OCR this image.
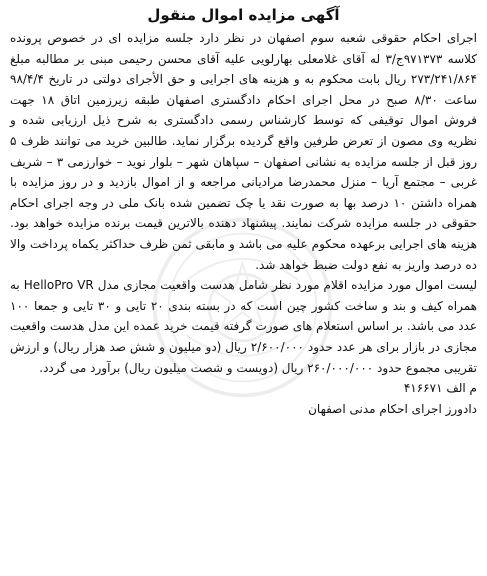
آگهی مزایده اموال منقول

اجرای احکام حقوقی شعبه سوم اصفهان در نظر دارد جلسه مزایده ای در خصوص پرونده کلاسه ۹۷۱۳۷۳ج/۳ له آقای غلامعلی بهارلویی علیه آقای محسن رحیمی مبنی بر مطالبه مبلغ ۲۷۳/۲۴۱/۸۶۴ ریال بابت محکوم به و هزینه های اجرایی و حق الأجرای دولتی در تاریخ ۹۸/۴/۴ ساعت ۸/۳۰ صبح در محل اجرای احکام دادگستری اصفهان طبقه زیرزمین اتاق ۱۸ جهت فروش اموال توقیفی که توسط کارشناس رسمی دادگستری به شرح ذیل ارزیابی شده و نظریه وی مصون از تعرض طرفین واقع گردیده برگزار نماید. طالبین خرید می توانند ظرف ۵ روز قبل از جلسه مزایده به نشانی اصفهان – سپاهان شهر – بلوار نوید – خوارزمی ۳ – شریف غربی – مجتمع آریا – منزل محمدرضا مرادیانی مراجعه و از اموال بازدید و در روز مزایده با همراه داشتن ۱۰ درصد بها به صورت نقد یا چک تضمین شده بانک ملی در وجه اجرای احکام حقوقی در جلسه مزایده شرکت نمایند. پیشنهاد دهنده بالاترین قیمت برنده مزایده خواهد بود. هزینه های اجرایی برعهده محکوم علیه می باشد و مابقی ثمن ظرف حداکثر یکماه پرداخت والا ده درصد واریز به نفع دولت ضبط خواهد شد.

لیست اموال مورد مزایده اقلام مورد نظر شامل هدست واقعیت مجازی مدل HelloPro VR به همراه کیف و بند و ساخت کشور چین است که در بسته بندی ۲۰ تایی و ۳۰ تایی و جمعا ۱۰۰ عدد می باشد. بر اساس استعلام های صورت گرفته قیمت خرید عمده این مدل هدست واقعیت مجازی در بازار برای هر عدد حدود ۲/۶۰۰/۰۰۰ ریال (دو میلیون و شش صد هزار ریال) و ارزش تقریبی مجموع حدود ۲۶۰/۰۰۰/۰۰۰ ریال (دویست و شصت میلیون ریال) برآورد می گردد.

م الف ۴۱۶۶۷۱
دادورز اجرای احکام مدنی اصفهان
